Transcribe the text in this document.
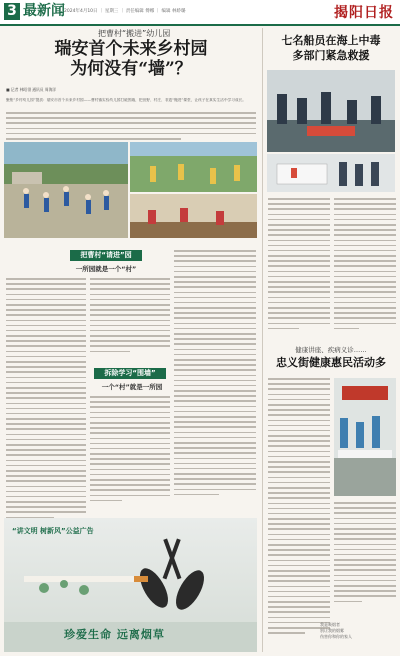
3 最新闻 2024年4月10日 ｜ 星期三 ｜ 责任编辑 傅娜 ｜ 编辑 林娇璐	揭阳日报
把曹村“搬进”幼儿园
瑞安首个未来乡村园
为何没有“墙”？
■ 记者 林昭翎 通讯员 周海洋
聚焦“乡村幼儿园”提质：瑞安市首个未来乡村园——曹村镇实验幼儿园打破围墙，把田野、村庄、非遗“搬进”课堂，让孩子在真实生活中学习成长。
把曹村“请进”园
一所园就是一个“村”
拆除学习“围墙”
一个“村”就是一所园
“讲文明 树新风”公益广告
珍爱生命 远离烟草
七名船员在海上中毒
多部门紧急救援
健康讲座、疾病义诊……
忠义街健康惠民活动多
我是吸烟者
别让我的烟雾
伤害你和你的家人
